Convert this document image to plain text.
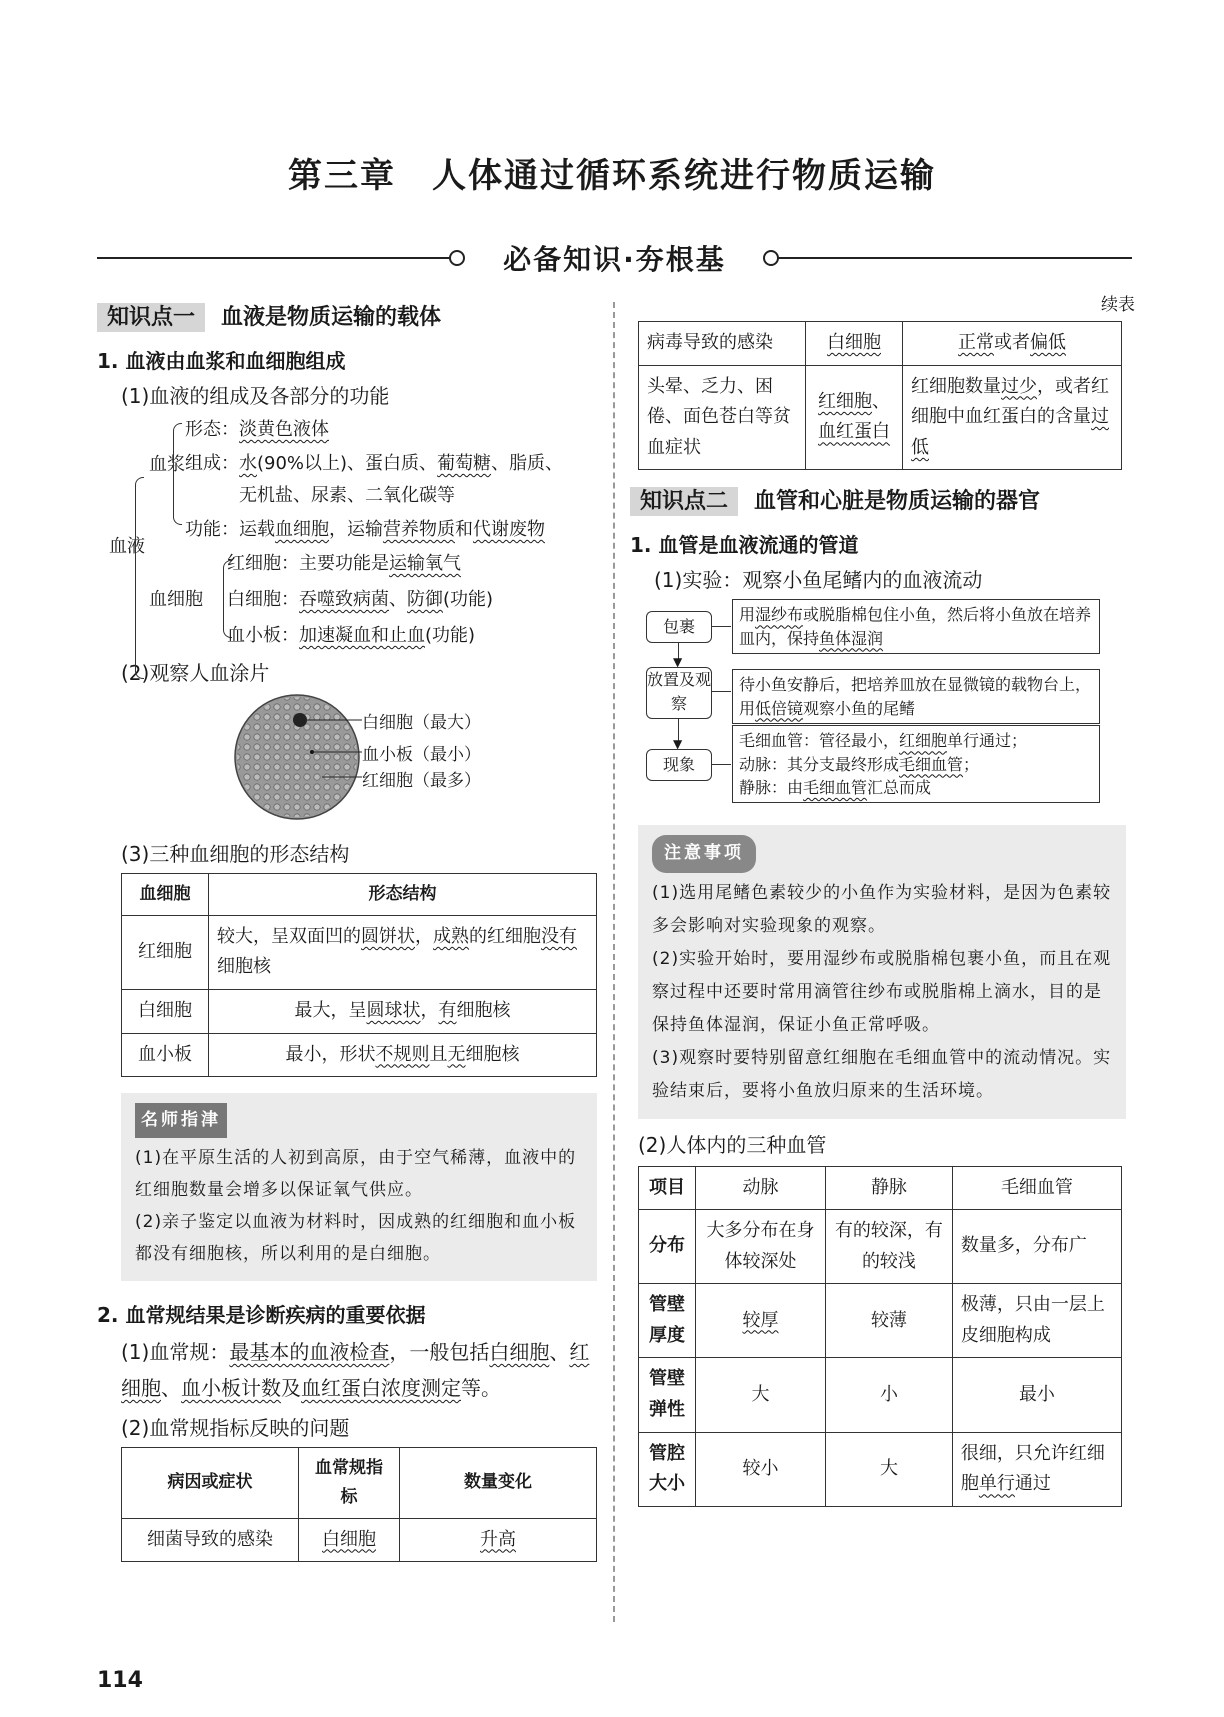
第三章　人体通过循环系统进行物质运输
必备知识·夯根基
知识点一 血液是物质运输的载体
1. 血液由血浆和血细胞组成
(1)血液的组成及各部分的功能
血液
血浆
形态：淡黄色液体
组成：水(90%以上)、蛋白质、葡萄糖、脂质、
无机盐、尿素、二氧化碳等
功能：运载血细胞，运输营养物质和代谢废物
血细胞
红细胞：主要功能是运输氧气
白细胞：吞噬致病菌、防御(功能)
血小板：加速凝血和止血(功能)
(2)观察人血涂片
白细胞（最大）
血小板（最小）
红细胞（最多）
(3)三种血细胞的形态结构
血细胞	形态结构
红细胞	较大，呈双面凹的圆饼状，成熟的红细胞没有细胞核
白细胞	最大，呈圆球状，有细胞核
血小板	最小，形状不规则且无细胞核
名师指津
(1)在平原生活的人初到高原，由于空气稀薄，血液中的红细胞数量会增多以保证氧气供应。
(2)亲子鉴定以血液为材料时，因成熟的红细胞和血小板都没有细胞核，所以利用的是白细胞。
2. 血常规结果是诊断疾病的重要依据
(1)血常规：最基本的血液检查，一般包括白细胞、红细胞、血小板计数及血红蛋白浓度测定等。
(2)血常规指标反映的问题
病因或症状	血常规指标	数量变化
细菌导致的感染	白细胞	升高
续表
病毒导致的感染	白细胞	正常或者偏低
头晕、乏力、困倦、面色苍白等贫血症状	红细胞、血红蛋白	红细胞数量过少，或者红细胞中血红蛋白的含量过低
知识点二 血管和心脏是物质运输的器官
1. 血管是血液流通的管道
(1)实验：观察小鱼尾鳍内的血液流动
包裹
用湿纱布或脱脂棉包住小鱼，然后将小鱼放在培养皿内，保持鱼体湿润
▼
放置及观察
待小鱼安静后，把培养皿放在显微镜的载物台上，用低倍镜观察小鱼的尾鳍
▼
现象
毛细血管：管径最小，红细胞单行通过；
动脉：其分支最终形成毛细血管；
静脉：由毛细血管汇总而成
注意事项
(1)选用尾鳍色素较少的小鱼作为实验材料，是因为色素较多会影响对实验现象的观察。
(2)实验开始时，要用湿纱布或脱脂棉包裹小鱼，而且在观察过程中还要时常用滴管往纱布或脱脂棉上滴水，目的是保持鱼体湿润，保证小鱼正常呼吸。
(3)观察时要特别留意红细胞在毛细血管中的流动情况。实验结束后，要将小鱼放归原来的生活环境。
(2)人体内的三种血管
项目	动脉	静脉	毛细血管
分布	大多分布在身体较深处	有的较深，有的较浅	数量多，分布广
管壁厚度	较厚	较薄	极薄，只由一层上皮细胞构成
管壁弹性	大	小	最小
管腔大小	较小	大	很细，只允许红细胞单行通过
114
